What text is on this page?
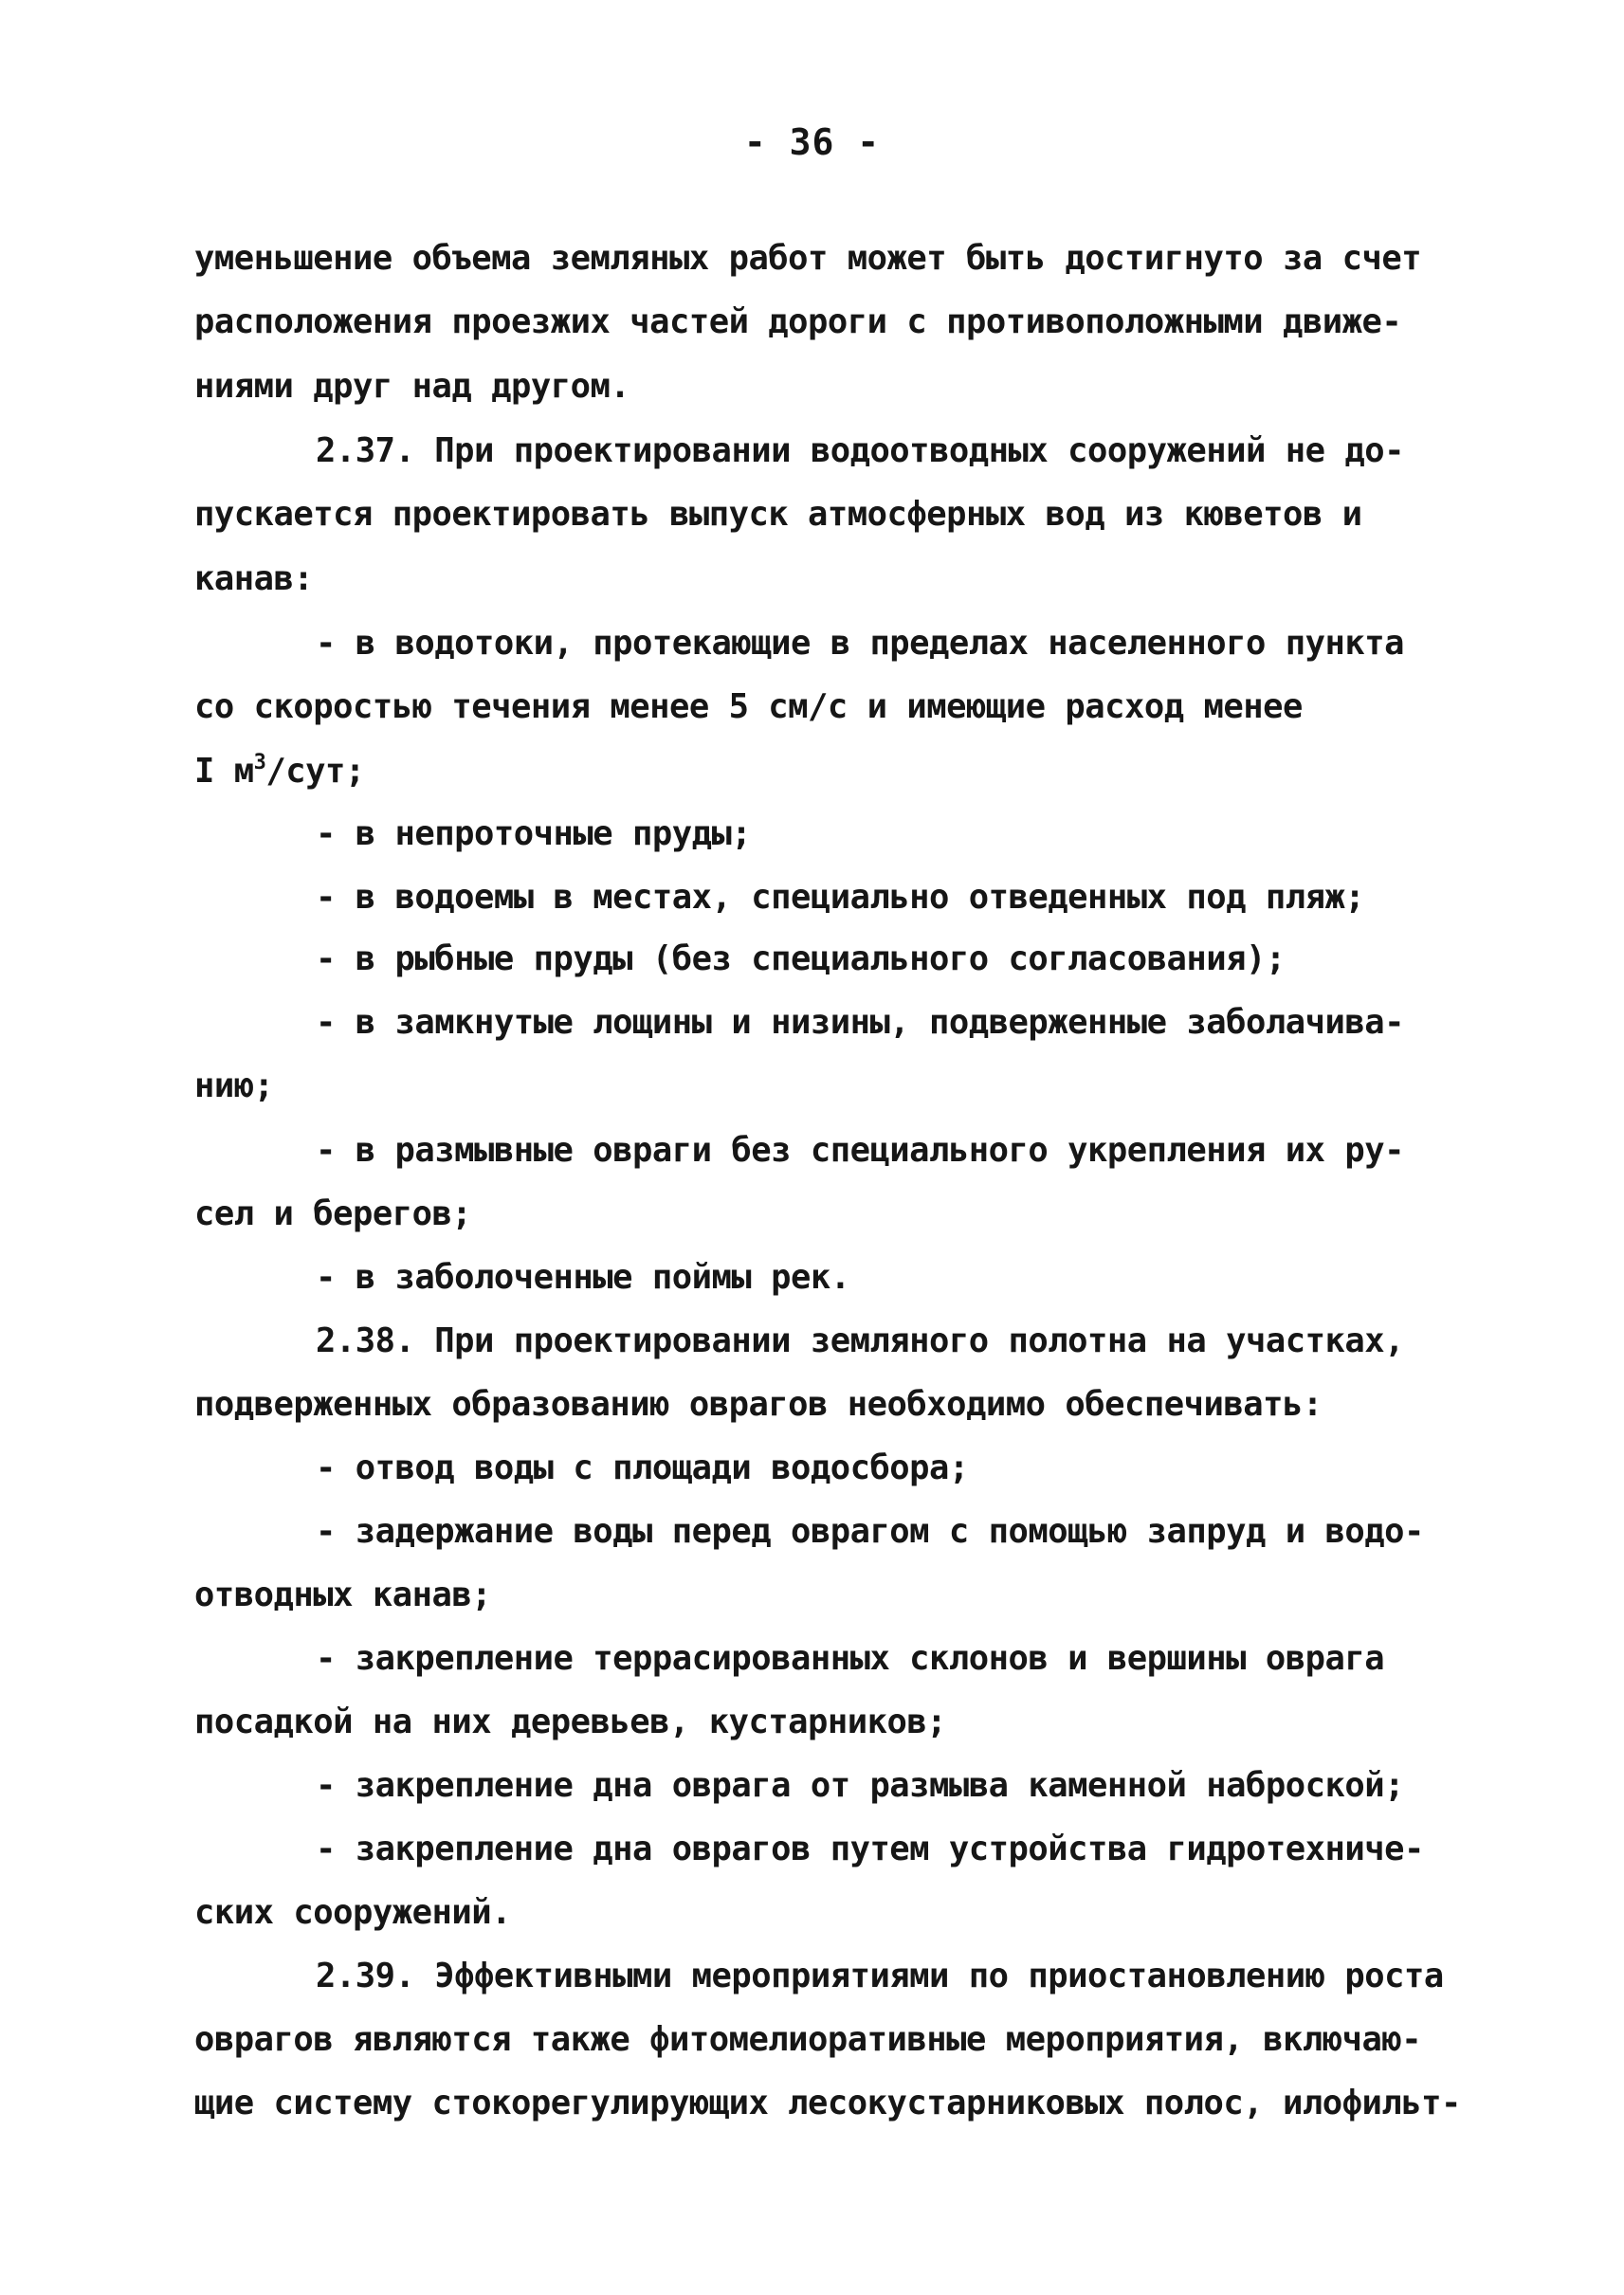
- 36 -
уменьшение объема земляных работ может быть достигнуто за счет
расположения проезжих частей дороги с противоположными движе-
ниями друг над другом.
2.37. При проектировании водоотводных сооружений не до-
пускается проектировать выпуск атмосферных вод из кюветов и
канав:
- в водотоки, протекающие в пределах населенного пункта
со скоростью течения менее 5 см/с и имеющие расход менее
I $м^3$/сут;
- в непроточные пруды;
- в водоемы в местах, специально отведенных под пляж;
- в рыбные пруды (без специального согласования);
- в замкнутые лощины и низины, подверженные заболачива-
нию;
- в размывные овраги без специального укрепления их ру-
сел и берегов;
- в заболоченные поймы рек.
2.38. При проектировании земляного полотна на участках,
подверженных образованию оврагов необходимо обеспечивать:
- отвод воды с площади водосбора;
- задержание воды перед оврагом с помощью запруд и водо-
отводных канав;
- закрепление террасированных склонов и вершины оврага
посадкой на них деревьев, кустарников;
- закрепление дна оврага от размыва каменной наброской;
- закрепление дна оврагов путем устройства гидротехниче-
ских сооружений.
2.39. Эффективными мероприятиями по приостановлению роста
оврагов являются также фитомелиоративные мероприятия, включаю-
щие систему стокорегулирующих лесокустарниковых полос, илофильт-
